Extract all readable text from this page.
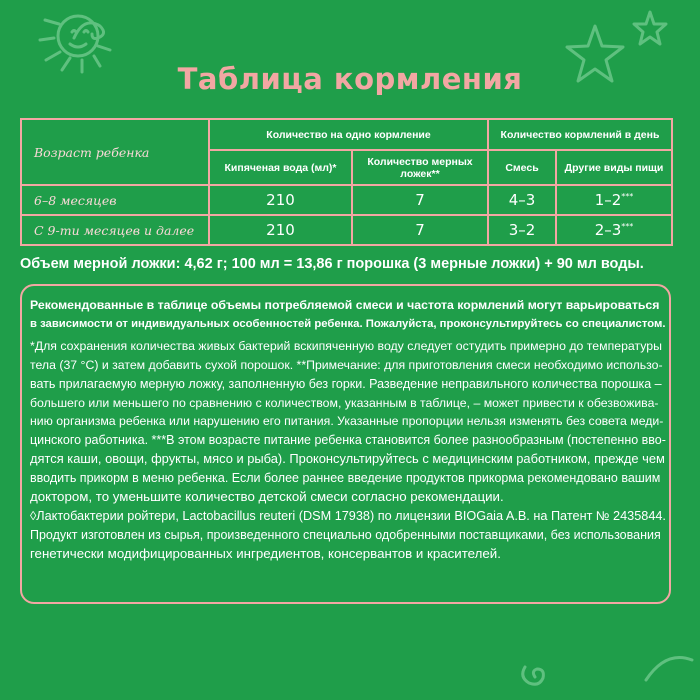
Таблица кормления
Возраст ребенка	Количество на одно кормление		Количество кормлений в день	
	Кипяченая вода (мл)*	Количество мерных ложек**	Смесь	Другие виды пищи
6–8 месяцев	210	7	4–3	1–2***
С 9-ти месяцев и далее	210	7	3–2	2–3***
Объем мерной ложки: 4,62 г; 100 мл = 13,86 г порошка (3 мерные ложки) + 90 мл воды.
Рекомендованные в таблице объемы потребляемой смеси и частота кормлений могут варьироваться
в зависимости от индивидуальных особенностей ребенка. Пожалуйста, проконсультируйтесь со специалистом.
*Для сохранения количества живых бактерий вскипяченную воду следует остудить примерно до температуры
тела (37 °С) и затем добавить сухой порошок. **Примечание: для приготовления смеси необходимо использо-
вать прилагаемую мерную ложку, заполненную без горки. Разведение неправильного количества порошка –
большего или меньшего по сравнению с количеством, указанным в таблице, – может привести к обезвожива-
нию организма ребенка или нарушению его питания. Указанные пропорции нельзя изменять без совета меди-
цинского работника. ***В этом возрасте питание ребенка становится более разнообразным (постепенно вво-
дятся каши, овощи, фрукты, мясо и рыба). Проконсультируйтесь с медицинским работником, прежде чем
вводить прикорм в меню ребенка. Если более раннее введение продуктов прикорма рекомендовано вашим
доктором, то уменьшите количество детской смеси согласно рекомендации.
◊Лактобактерии ройтери, Lactobacillus reuteri (DSM 17938) по лицензии BIOGaia A.B. на Патент № 2435844.
Продукт изготовлен из сырья, произведенного специально одобренными поставщиками, без использования
генетически модифицированных ингредиентов, консервантов и красителей.
